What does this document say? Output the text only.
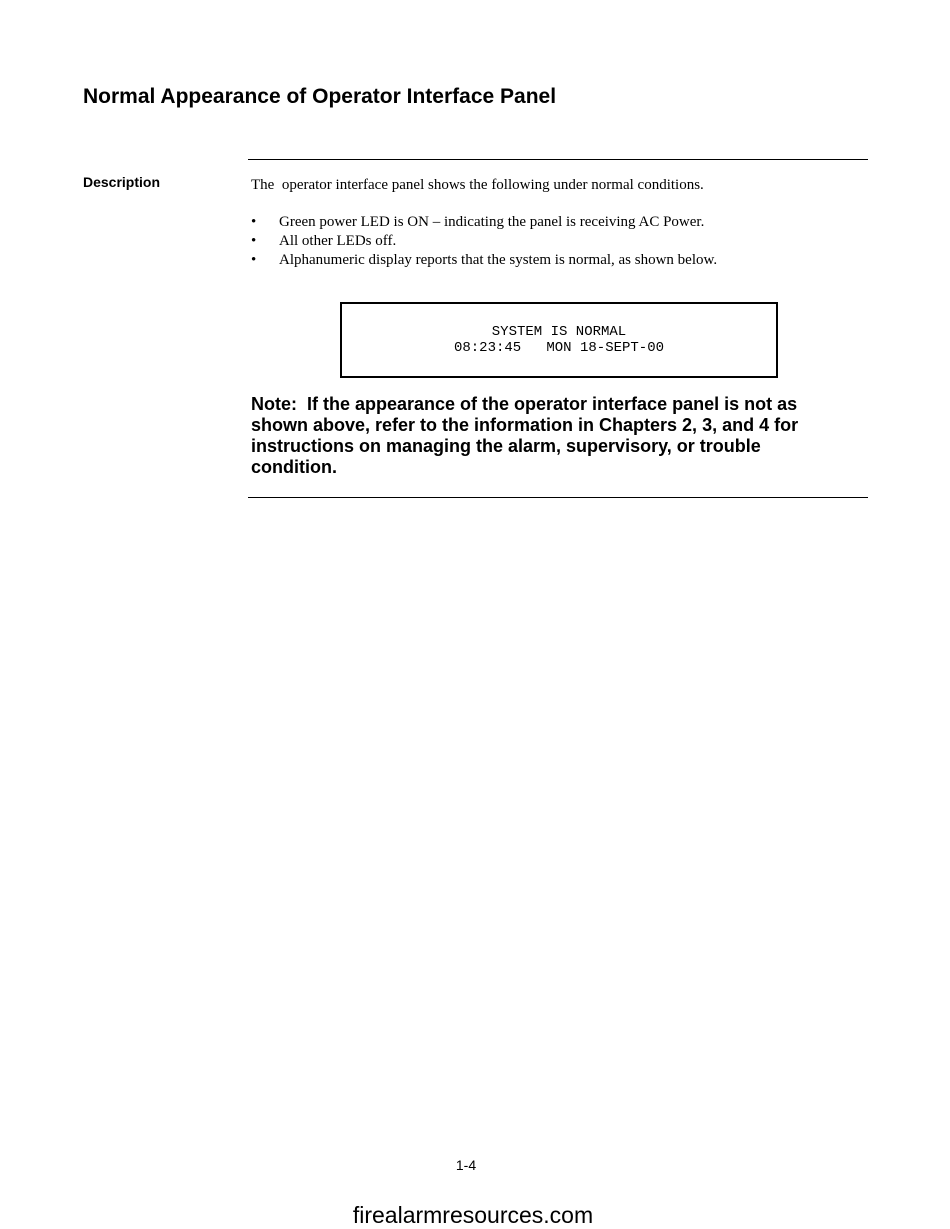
Normal Appearance of Operator Interface Panel
Description	The  operator interface panel shows the following under normal conditions.

• Green power LED is ON – indicating the panel is receiving AC Power.
• All other LEDs off.
• Alphanumeric display reports that the system is normal, as shown below.
SYSTEM IS NORMAL
08:23:45   MON 18-SEPT-00

Note:  If the appearance of the operator interface panel is not as shown above, refer to the information in Chapters 2, 3, and 4 for instructions on managing the alarm, supervisory, or trouble condition.

1-4
firealarmresources.com
